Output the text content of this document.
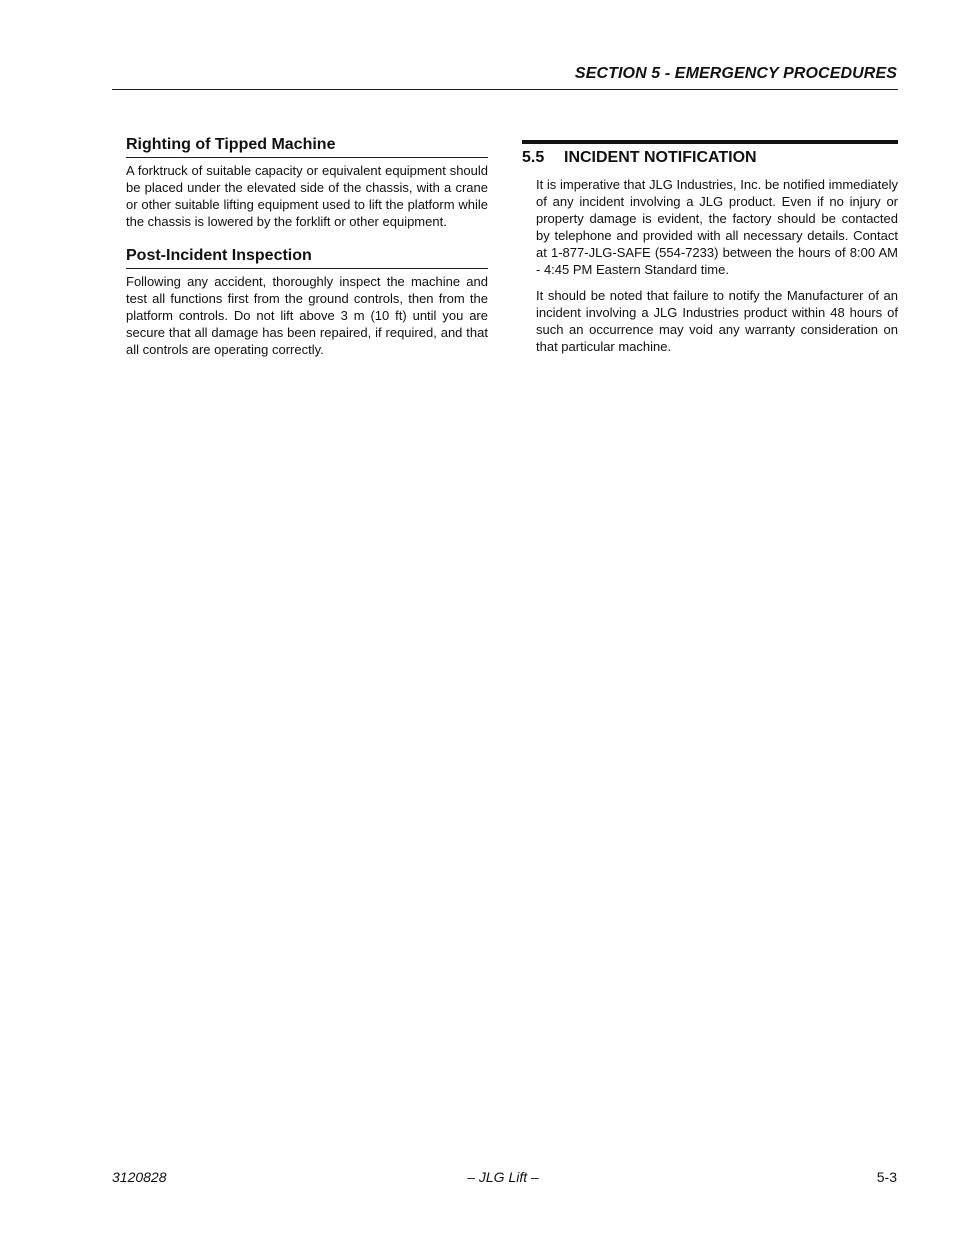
SECTION 5 - EMERGENCY PROCEDURES
Righting of Tipped Machine

A forktruck of suitable capacity or equivalent equipment should be placed under the elevated side of the chassis, with a crane or other suitable lifting equipment used to lift the platform while the chassis is lowered by the forklift or other equipment.

Post-Incident Inspection

Following any accident, thoroughly inspect the machine and test all functions first from the ground controls, then from the platform controls. Do not lift above 3 m (10 ft) until you are secure that all damage has been repaired, if required, and that all controls are operating correctly.

5.5 INCIDENT NOTIFICATION

It is imperative that JLG Industries, Inc. be notified immediately of any incident involving a JLG product. Even if no injury or property damage is evident, the factory should be contacted by telephone and provided with all necessary details. Contact at 1-877-JLG-SAFE (554-7233) between the hours of 8:00 AM - 4:45 PM Eastern Standard time.

It should be noted that failure to notify the Manufacturer of an incident involving a JLG Industries product within 48 hours of such an occurrence may void any warranty consideration on that particular machine.

3120828	– JLG Lift –	5-3
